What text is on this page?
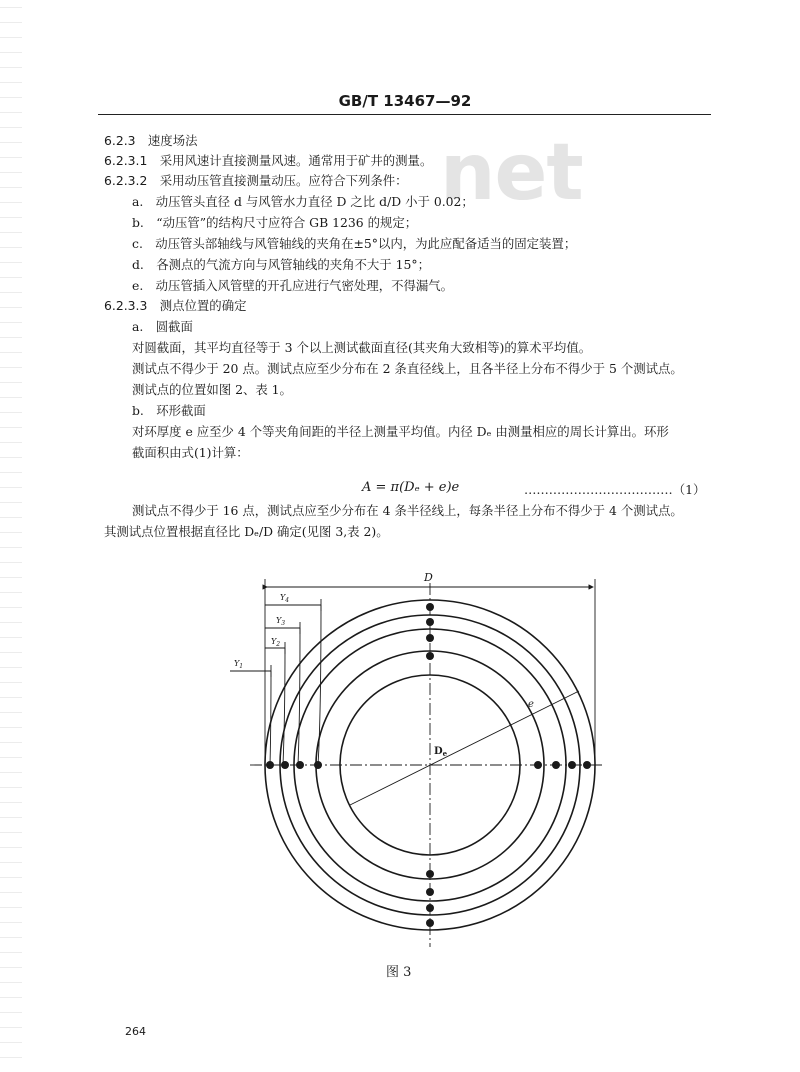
net
GB/T 13467—92
6.2.3　速度场法
6.2.3.1　采用风速计直接测量风速。通常用于矿井的测量。
6.2.3.2　采用动压管直接测量动压。应符合下列条件：
a.　动压管头直径 d 与风管水力直径 D 之比 d/D 小于 0.02；
b.　“动压管”的结构尺寸应符合 GB 1236 的规定；
c.　动压管头部轴线与风管轴线的夹角在±5°以内，为此应配备适当的固定装置；
d.　各测点的气流方向与风管轴线的夹角不大于 15°；
e.　动压管插入风管壁的开孔应进行气密处理，不得漏气。
6.2.3.3　测点位置的确定
a.　圆截面
对圆截面，其平均直径等于 3 个以上测试截面直径(其夹角大致相等)的算术平均值。
测试点不得少于 20 点。测试点应至少分布在 2 条直径线上，且各半径上分布不得少于 5 个测试点。
测试点的位置如图 2、表 1。
b.　环形截面
对环厚度 e 应至少 4 个等夹角间距的半径上测量平均值。内径 Dₑ 由测量相应的周长计算出。环形
截面积由式(1)计算：
A = π(Dₑ + e)e	………………………………（1）
测试点不得少于 16 点，测试点应至少分布在 4 条半径线上，每条半径上分布不得少于 4 个测试点。
其测试点位置根据直径比 Dₑ/D 确定(见图 3,表 2)。
D
$Y_4$
$Y_3$
$Y_2$
$Y_1$
e
$D_e$
图 3
264
